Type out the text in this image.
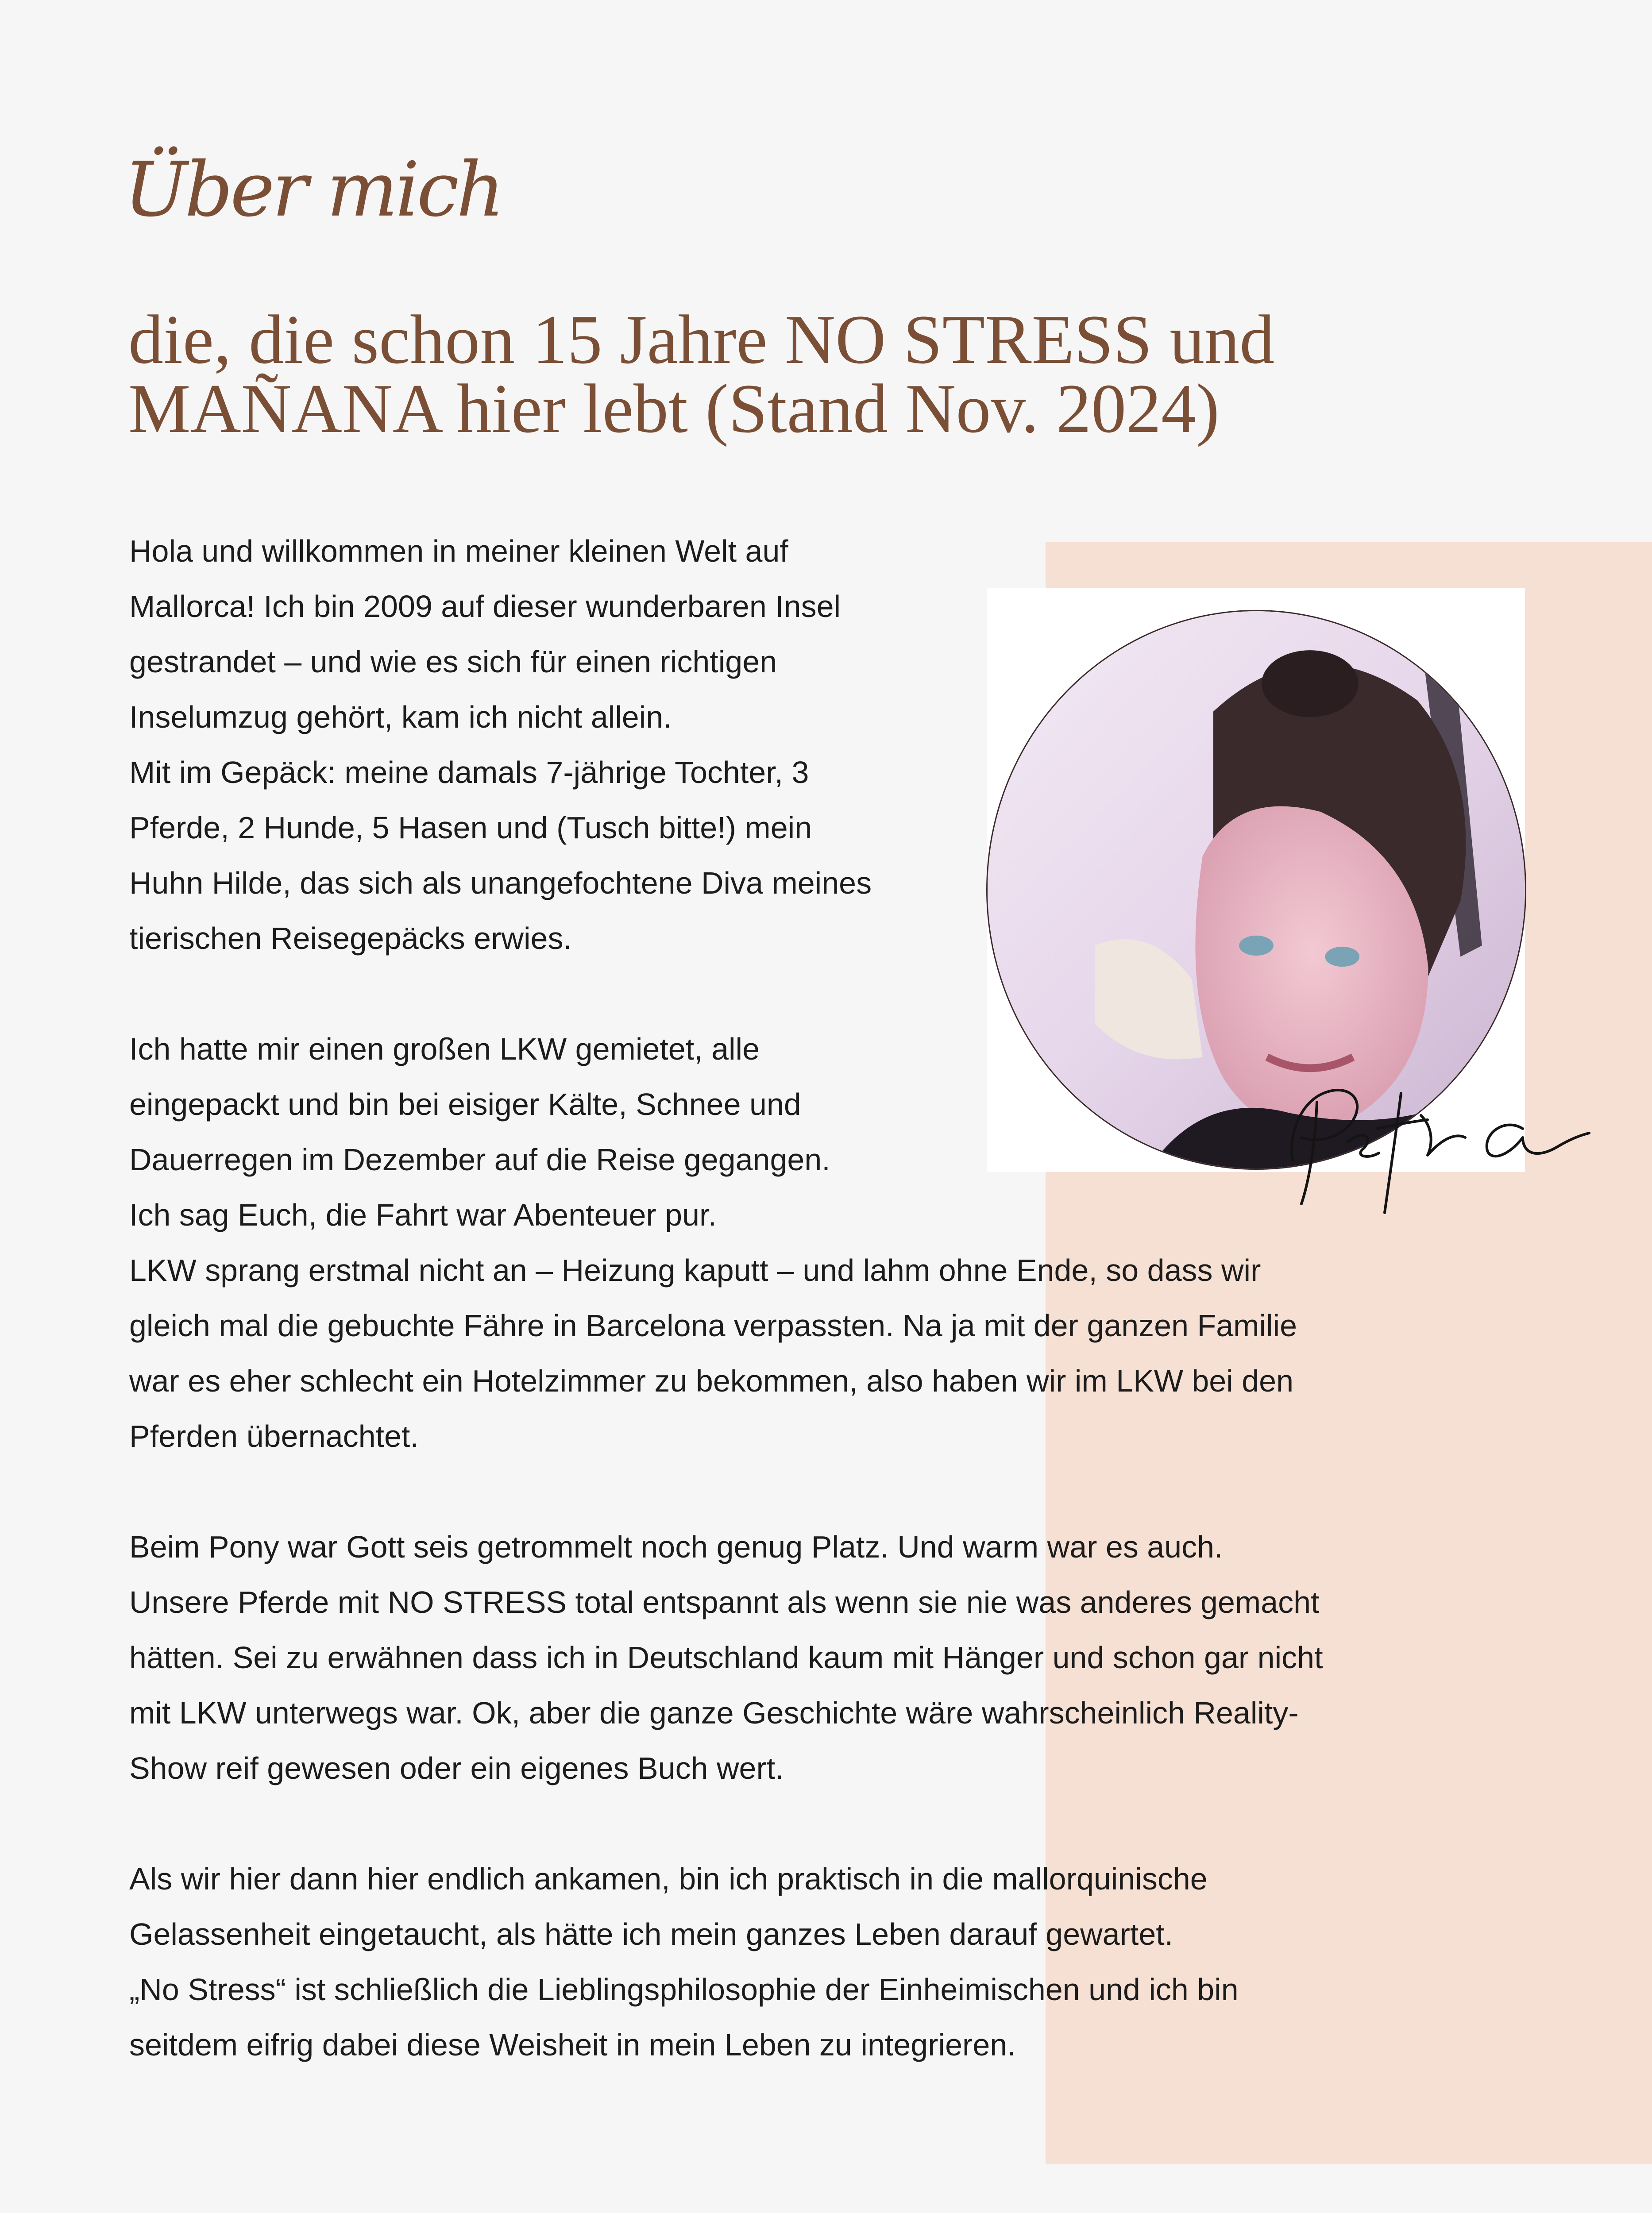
Über mich
die, die schon 15 Jahre NO STRESS und MAÑANA hier lebt (Stand Nov. 2024)

Hola und willkommen in meiner kleinen Welt auf

Mallorca! Ich bin 2009 auf dieser wunderbaren Insel

gestrandet – und wie es sich für einen richtigen

Inselumzug gehört, kam ich nicht allein.

Mit im Gepäck: meine damals 7-jährige Tochter, 3

Pferde, 2 Hunde, 5 Hasen und (Tusch bitte!) mein

Huhn Hilde, das sich als unangefochtene Diva meines

tierischen Reisegepäcks erwies.

Ich hatte mir einen großen LKW gemietet, alle

eingepackt und bin bei eisiger Kälte, Schnee und

Dauerregen im Dezember auf die Reise gegangen.

Ich sag Euch, die Fahrt war Abenteuer pur.

LKW sprang erstmal nicht an – Heizung kaputt – und lahm ohne Ende, so dass wir

gleich mal die gebuchte Fähre in Barcelona verpassten. Na ja mit der ganzen Familie

war es eher schlecht ein Hotelzimmer zu bekommen, also haben wir im LKW bei den

Pferden übernachtet.

Beim Pony war Gott seis getrommelt noch genug Platz. Und warm war es auch.

Unsere Pferde mit NO STRESS total entspannt als wenn sie nie was anderes gemacht

hätten. Sei zu erwähnen dass ich in Deutschland kaum mit Hänger und schon gar nicht

mit LKW unterwegs war. Ok, aber die ganze Geschichte wäre wahrscheinlich Reality-

Show reif gewesen oder ein eigenes Buch wert.

Als wir hier dann hier endlich ankamen, bin ich praktisch in die mallorquinische

Gelassenheit eingetaucht, als hätte ich mein ganzes Leben darauf gewartet.

„No Stress“ ist schließlich die Lieblingsphilosophie der Einheimischen und ich bin

seitdem eifrig dabei diese Weisheit in mein Leben zu integrieren.
